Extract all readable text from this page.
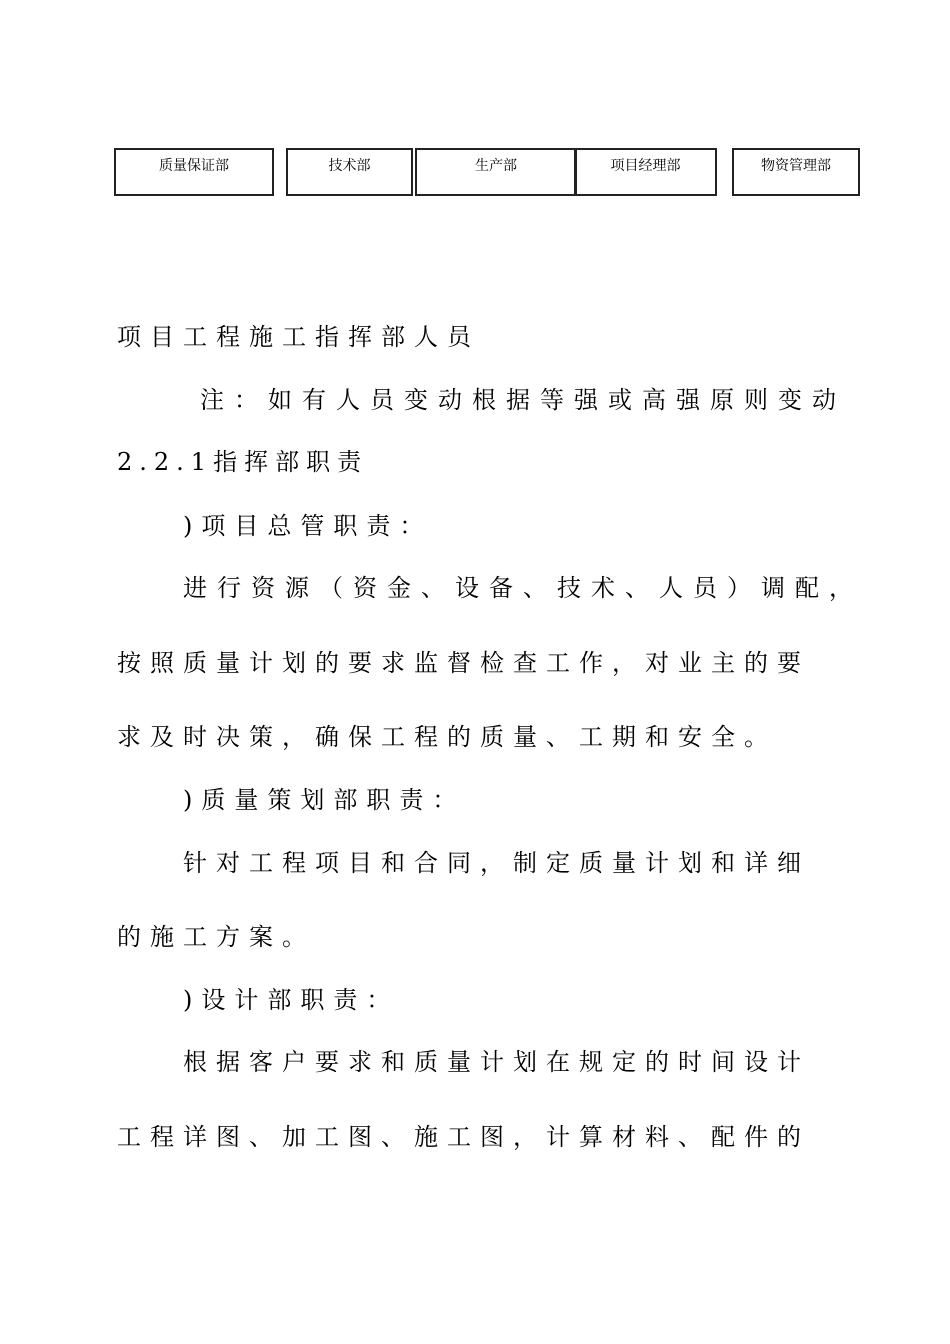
质量保证部	技术部	生产部	项目经理部	物资管理部
项目工程施工指挥部人员
注：如有人员变动根据等强或高强原则变动
2.2.1指挥部职责
)项目总管职责：
进行资源（资金、设备、技术、人员）调配，
按照质量计划的要求监督检查工作，对业主的要
求及时决策，确保工程的质量、工期和安全。
)质量策划部职责：
针对工程项目和合同，制定质量计划和详细
的施工方案。
)设计部职责：
根据客户要求和质量计划在规定的时间设计
工程详图、加工图、施工图，计算材料、配件的
